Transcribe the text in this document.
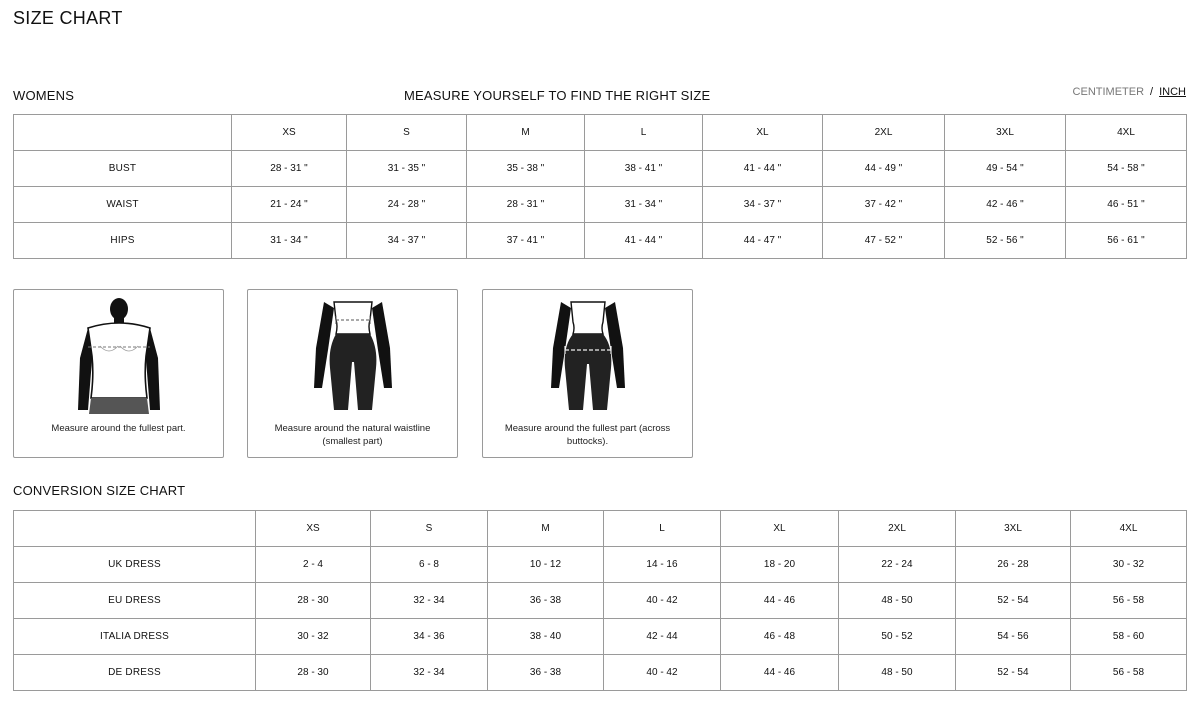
SIZE CHART
WOMENS	MEASURE YOURSELF TO FIND THE RIGHT SIZE	CENTIMETER / INCH
	XS	S	M	L	XL	2XL	3XL	4XL
BUST	28 - 31 "	31 - 35 "	35 - 38 "	38 - 41 "	41 - 44 "	44 - 49 "	49 - 54 "	54 - 58 "
WAIST	21 - 24 "	24 - 28 "	28 - 31 "	31 - 34 "	34 - 37 "	37 - 42 "	42 - 46 "	46 - 51 "
HIPS	31 - 34 "	34 - 37 "	37 - 41 "	41 - 44 "	44 - 47 "	47 - 52 "	52 - 56 "	56 - 61 "
Measure around the fullest part.	Measure around the natural waistline (smallest part)
Measure around the fullest part (across buttocks).
CONVERSION SIZE CHART
	XS	S	M	L	XL	2XL	3XL	4XL
UK DRESS	2 - 4	6 - 8	10 - 12	14 - 16	18 - 20	22 - 24	26 - 28	30 - 32
EU DRESS	28 - 30	32 - 34	36 - 38	40 - 42	44 - 46	48 - 50	52 - 54	56 - 58
ITALIA DRESS	30 - 32	34 - 36	38 - 40	42 - 44	46 - 48	50 - 52	54 - 56	58 - 60
DE DRESS	28 - 30	32 - 34	36 - 38	40 - 42	44 - 46	48 - 50	52 - 54	56 - 58
